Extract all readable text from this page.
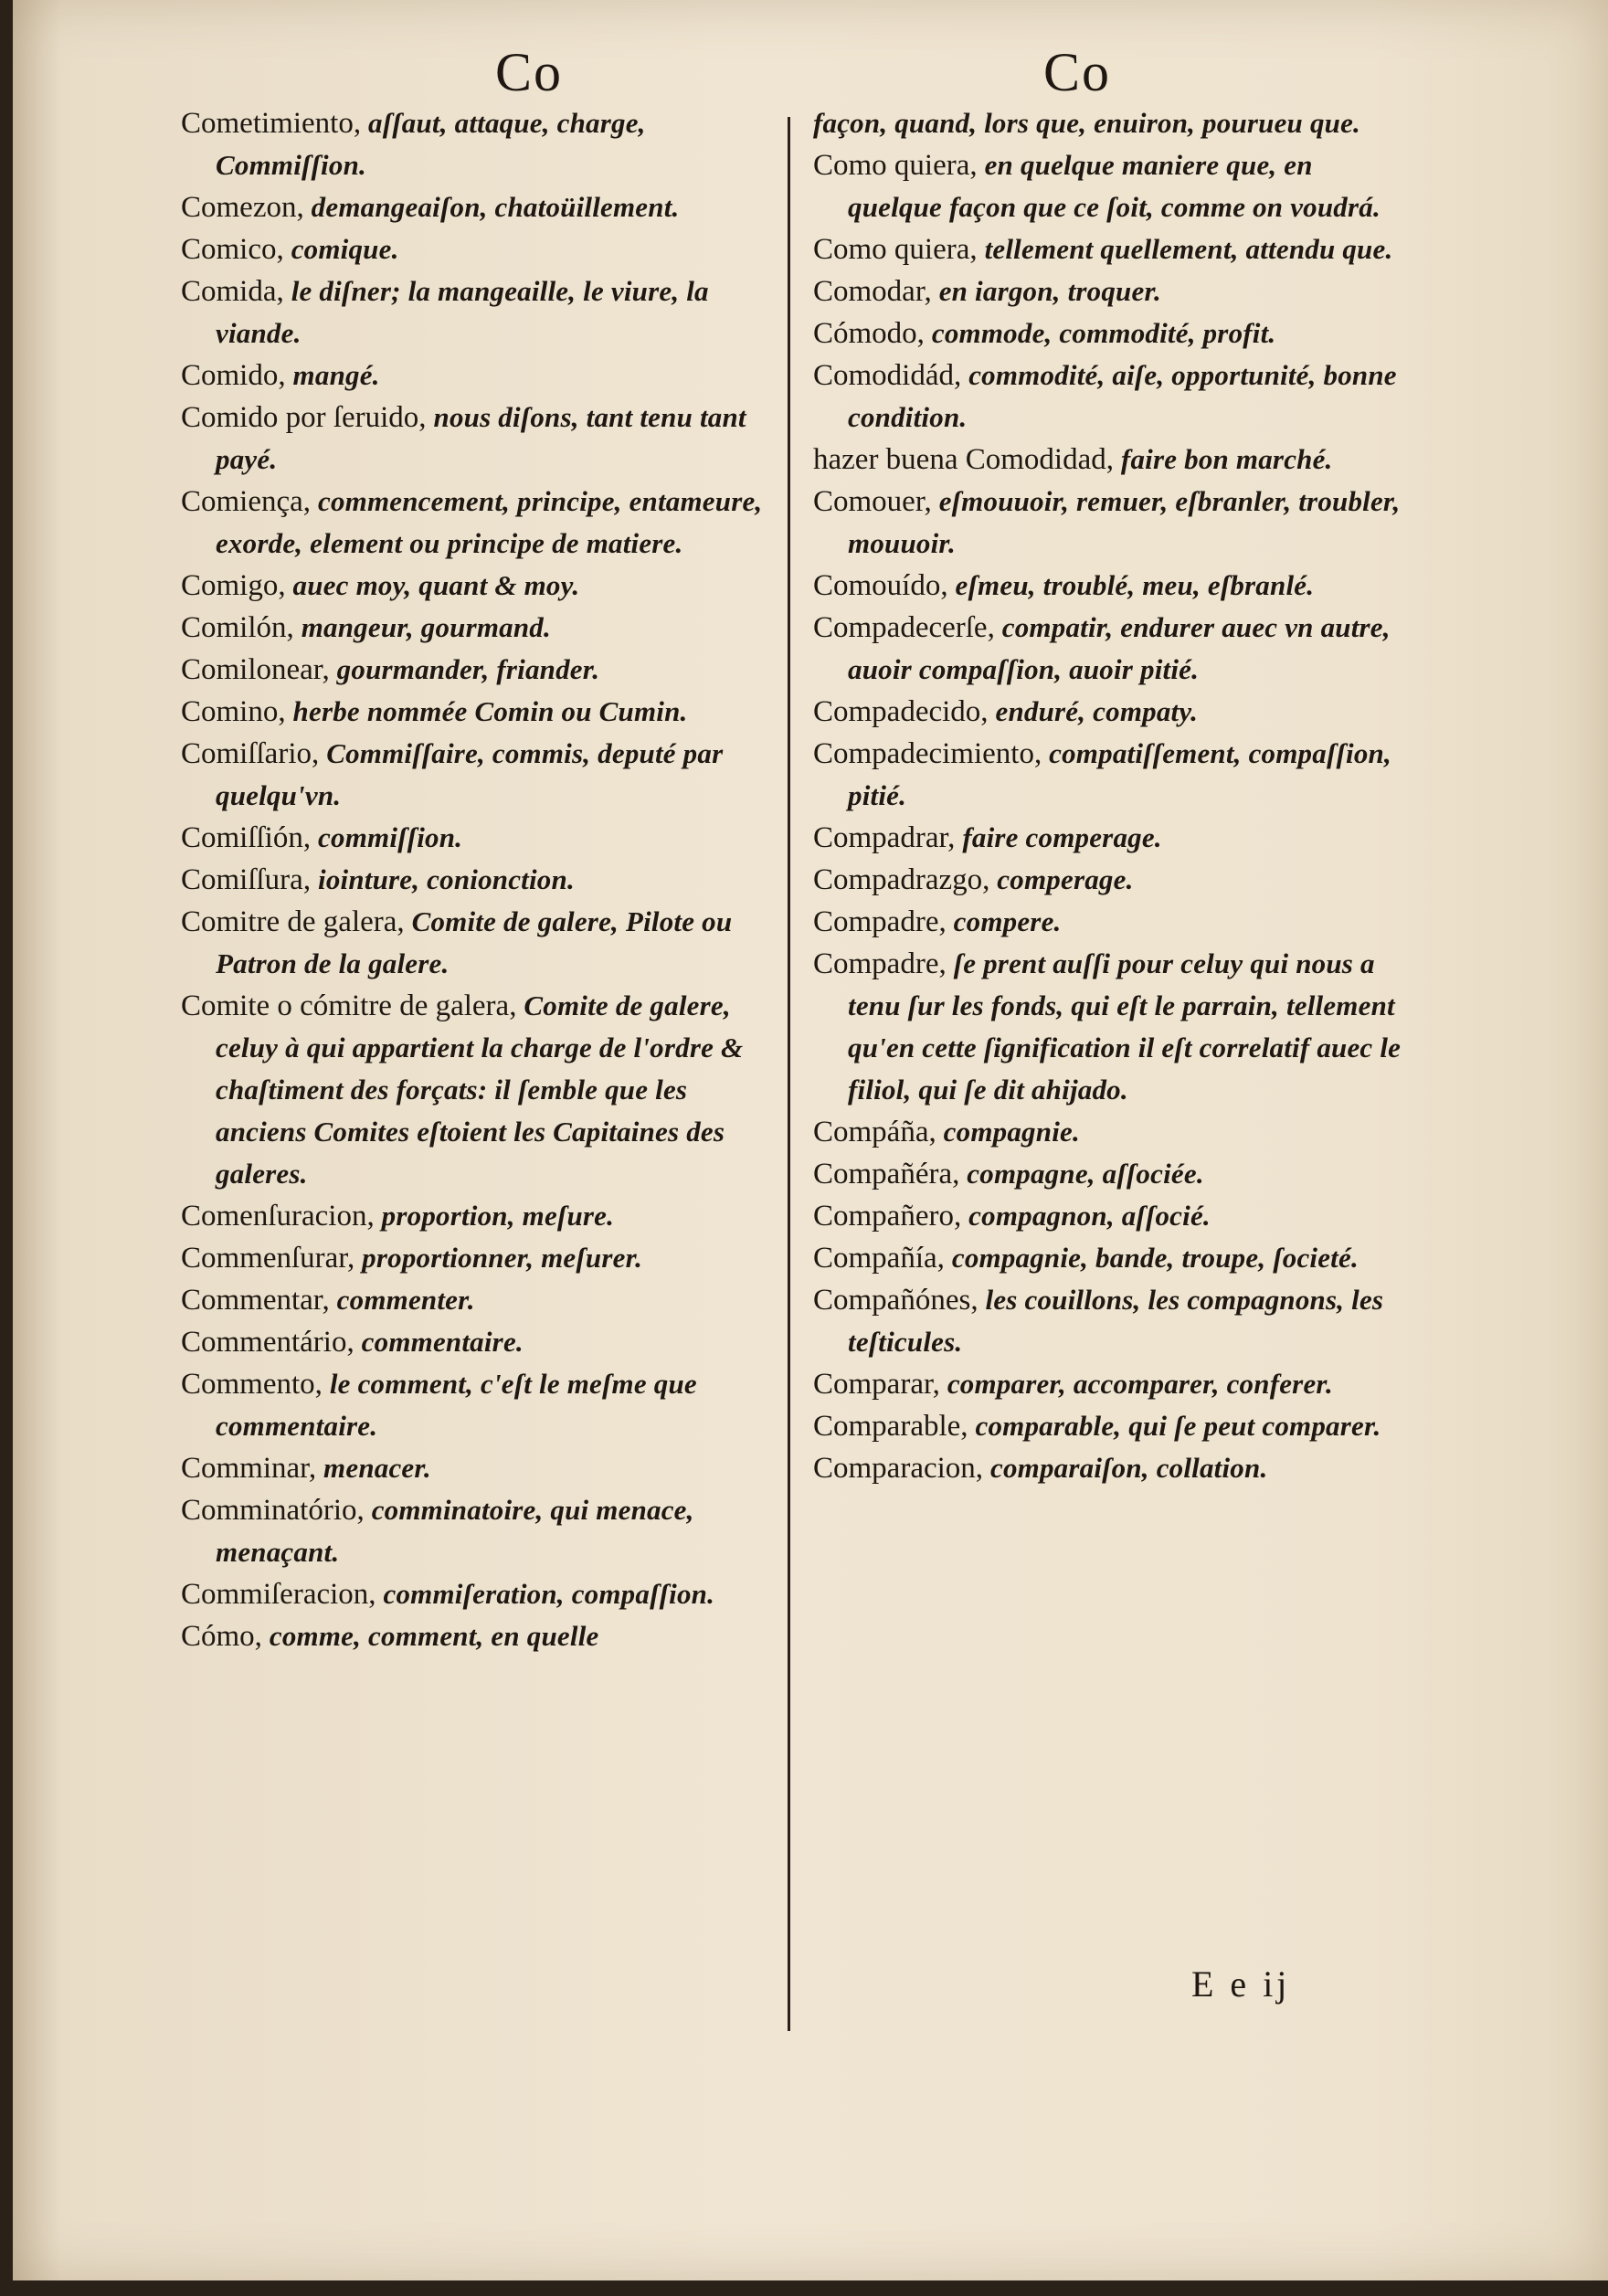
Co	Co
Cometimiento, aſſaut, attaque, charge, Commiſſion.
Comezon, demangeaiſon, chatoüillement.
Comico, comique.
Comida, le diſner; la mangeaille, le viure, la viande.
Comido, mangé.
Comido por ſeruido, nous diſons, tant tenu tant payé.
Comiença, commencement, principe, entameure, exorde, element ou principe de matiere.
Comigo, auec moy, quant & moy.
Comilón, mangeur, gourmand.
Comilonear, gourmander, friander.
Comino, herbe nommée Comin ou Cumin.
Comiſſario, Commiſſaire, commis, deputé par quelqu'vn.
Comiſſión, commiſſion.
Comiſſura, iointure, conionction.
Comitre de galera, Comite de galere, Pilote ou Patron de la galere.
Comite o cómitre de galera, Comite de galere, celuy à qui appartient la charge de l'ordre & chaſtiment des forçats: il ſemble que les anciens Comites eſtoient les Capitaines des galeres.
Comenſuracion, proportion, meſure.
Commenſurar, proportionner, meſurer.
Commentar, commenter.
Commentário, commentaire.
Commento, le comment, c'eſt le meſme que commentaire.
Comminar, menacer.
Comminatório, comminatoire, qui menace, menaçant.
Commiſeracion, commiſeration, compaſſion.
Cómo, comme, comment, en quelle
façon, quand, lors que, enuiron, pourueu que.
Como quiera, en quelque maniere que, en quelque façon que ce ſoit, comme on voudrá.
Como quiera, tellement quellement, attendu que.
Comodar, en iargon, troquer.
Cómodo, commode, commodité, profit.
Comodidád, commodité, aiſe, opportunité, bonne condition.
hazer buena Comodidad, faire bon marché.
Comouer, eſmouuoir, remuer, eſbranler, troubler, mouuoir.
Comouído, eſmeu, troublé, meu, eſbranlé.
Compadecerſe, compatir, endurer auec vn autre, auoir compaſſion, auoir pitié.
Compadecido, enduré, compaty.
Compadecimiento, compatiſſement, compaſſion, pitié.
Compadrar, faire comperage.
Compadrazgo, comperage.
Compadre, compere.
Compadre, ſe prent auſſi pour celuy qui nous a tenu ſur les fonds, qui eſt le parrain, tellement qu'en cette ſignification il eſt correlatif auec le filiol, qui ſe dit ahijado.
Compáña, compagnie.
Compañéra, compagne, aſſociée.
Compañero, compagnon, aſſocié.
Compañía, compagnie, bande, troupe, ſocieté.
Compañónes, les couillons, les compagnons, les teſticules.
Comparar, comparer, accomparer, conferer.
Comparable, comparable, qui ſe peut comparer.
Comparacion, comparaiſon, collation.
E e ij
